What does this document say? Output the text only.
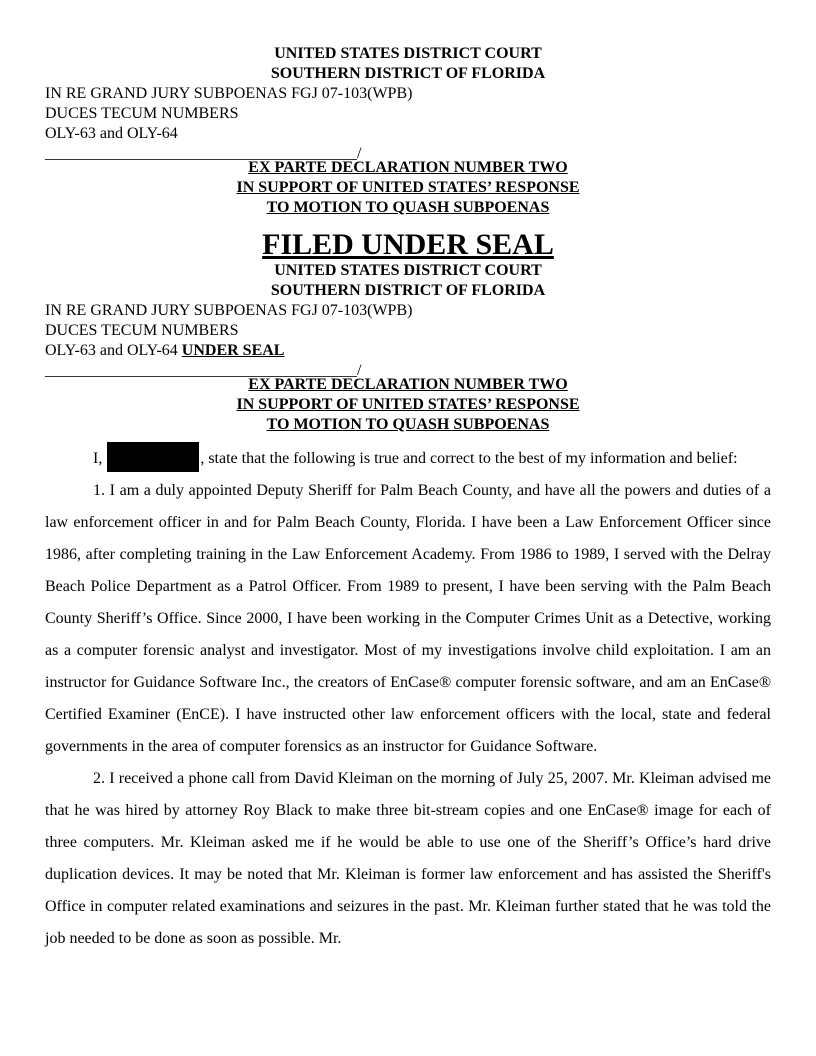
UNITED STATES DISTRICT COURT
SOUTHERN DISTRICT OF FLORIDA
IN RE GRAND JURY SUBPOENAS FGJ 07-103(WPB)
DUCES TECUM NUMBERS
OLY-63 and OLY-64
_______________________________________/
EX PARTE DECLARATION NUMBER TWO
IN SUPPORT OF UNITED STATES’ RESPONSE
TO MOTION TO QUASH SUBPOENAS
FILED UNDER SEAL
UNITED STATES DISTRICT COURT
SOUTHERN DISTRICT OF FLORIDA
IN RE GRAND JURY SUBPOENAS FGJ 07-103(WPB)
DUCES TECUM NUMBERS
OLY-63 and OLY-64 UNDER SEAL
_______________________________________/
EX PARTE DECLARATION NUMBER TWO
IN SUPPORT OF UNITED STATES’ RESPONSE
TO MOTION TO QUASH SUBPOENAS

I,	, state that the following is true and correct to the best of my information and belief:

1. I am a duly appointed Deputy Sheriff for Palm Beach County, and have all the powers and duties of a law enforcement officer in and for Palm Beach County, Florida. I have been a Law Enforcement Officer since 1986, after completing training in the Law Enforcement Academy. From 1986 to 1989, I served with the Delray Beach Police Department as a Patrol Officer. From 1989 to present, I have been serving with the Palm Beach County Sheriff’s Office. Since 2000, I have been working in the Computer Crimes Unit as a Detective, working as a computer forensic analyst and investigator. Most of my investigations involve child exploitation. I am an instructor for Guidance Software Inc., the creators of EnCase® computer forensic software, and am an EnCase® Certified Examiner (EnCE). I have instructed other law enforcement officers with the local, state and federal governments in the area of computer forensics as an instructor for Guidance Software.

2. I received a phone call from David Kleiman on the morning of July 25, 2007. Mr. Kleiman advised me that he was hired by attorney Roy Black to make three bit-stream copies and one EnCase® image for each of three computers. Mr. Kleiman asked me if he would be able to use one of the Sheriff’s Office’s hard drive duplication devices. It may be noted that Mr. Kleiman is former law enforcement and has assisted the Sheriff's Office in computer related examinations and seizures in the past. Mr. Kleiman further stated that he was told the job needed to be done as soon as possible. Mr.
